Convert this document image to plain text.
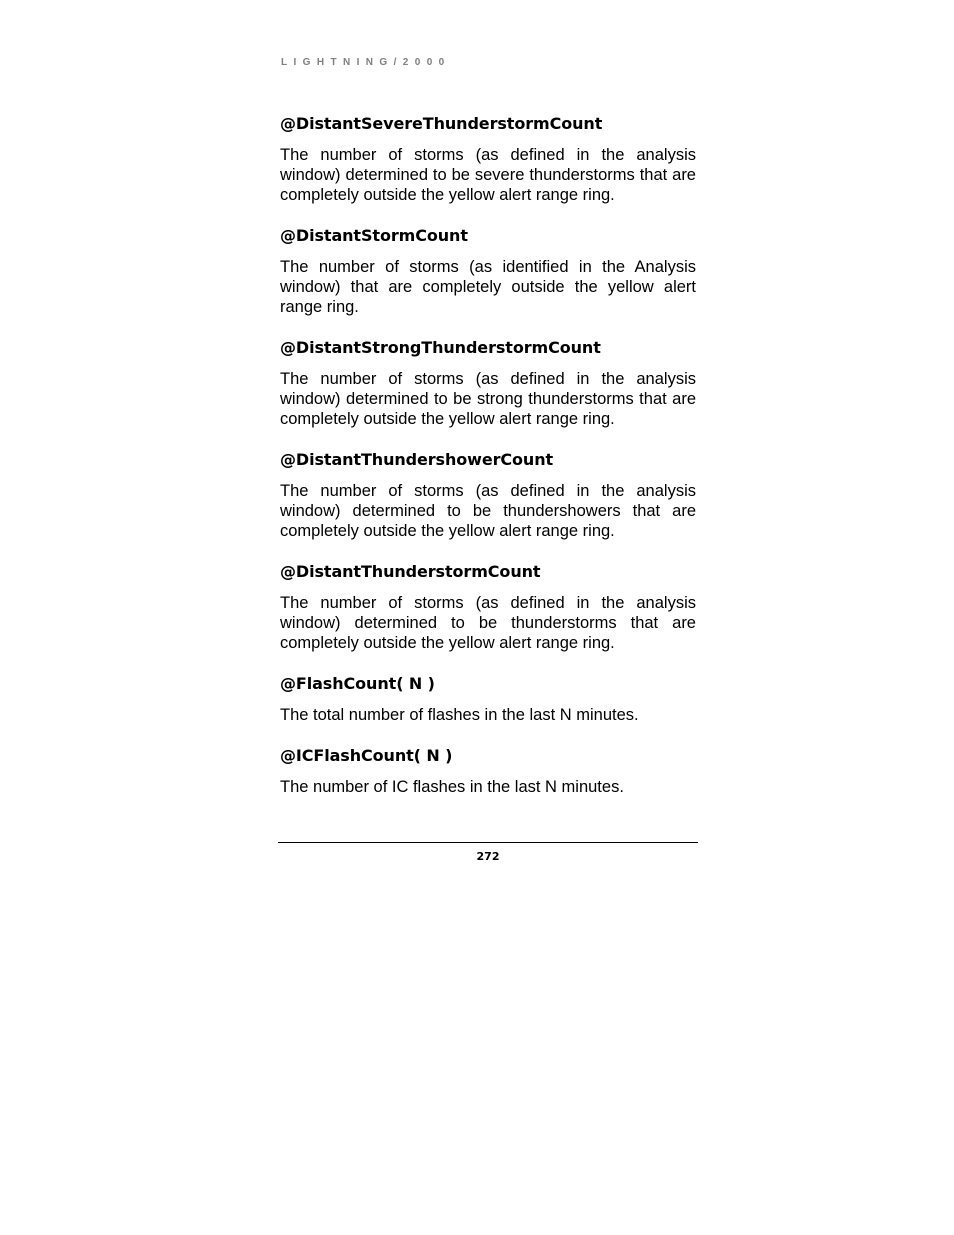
LIGHTNING/2000

@DistantSevereThunderstormCount

The number of storms (as defined in the analysis window) determined to be severe thunderstorms that are completely outside the yellow alert range ring.

@DistantStormCount

The number of storms (as identified in the Analysis window) that are completely outside the yellow alert range ring.

@DistantStrongThunderstormCount

The number of storms (as defined in the analysis window) determined to be strong thunderstorms that are completely outside the yellow alert range ring.

@DistantThundershowerCount

The number of storms (as defined in the analysis window) determined to be thundershowers that are completely outside the yellow alert range ring.

@DistantThunderstormCount

The number of storms (as defined in the analysis window) determined to be thunderstorms that are completely outside the yellow alert range ring.

@FlashCount( N )

The total number of flashes in the last N minutes.

@ICFlashCount( N )

The number of IC flashes in the last N minutes.

272
